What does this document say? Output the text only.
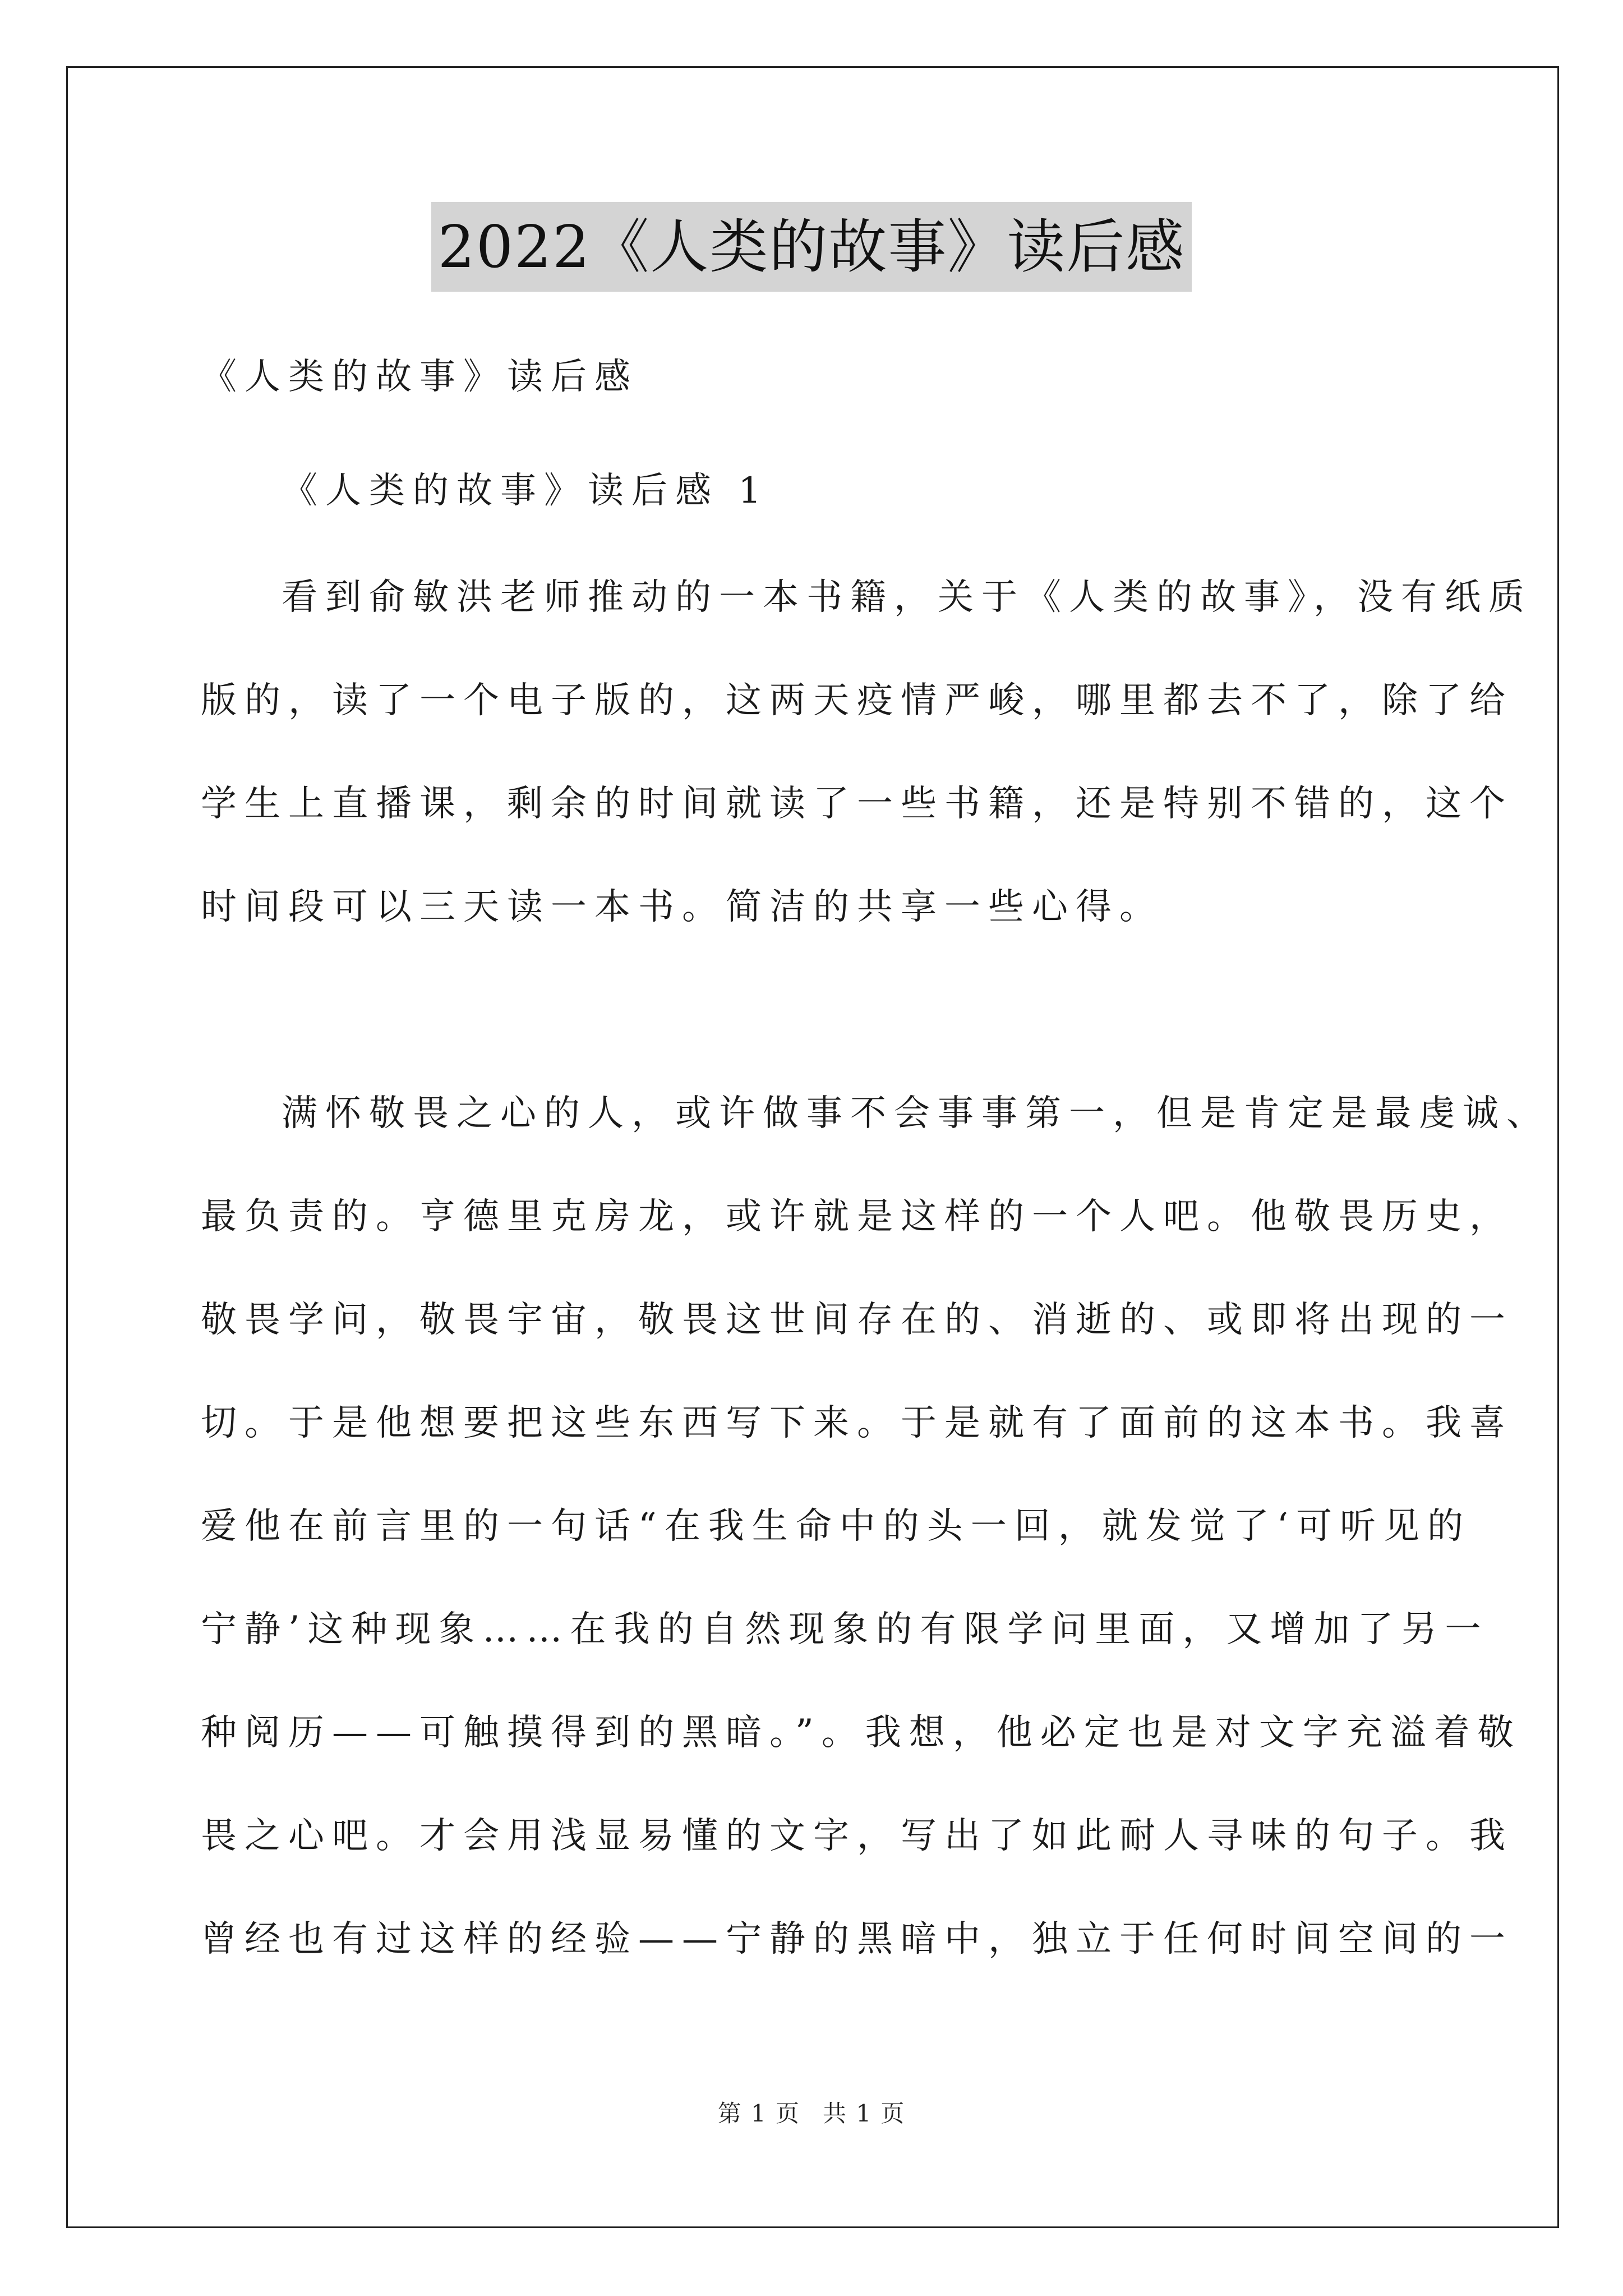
2022《人类的故事》读后感
《人类的故事》读后感
《人类的故事》读后感 1
看到俞敏洪老师推动的一本书籍，关于《人类的故事》，没有纸质
版的，读了一个电子版的，这两天疫情严峻，哪里都去不了，除了给
学生上直播课，剩余的时间就读了一些书籍，还是特别不错的，这个
时间段可以三天读一本书。简洁的共享一些心得。
满怀敬畏之心的人，或许做事不会事事第一，但是肯定是最虔诚、
最负责的。亨德里克房龙，或许就是这样的一个人吧。他敬畏历史，
敬畏学问，敬畏宇宙，敬畏这世间存在的、消逝的、或即将出现的一
切。于是他想要把这些东西写下来。于是就有了面前的这本书。我喜
爱他在前言里的一句话“在我生命中的头一回，就发觉了‘可听见的
宁静’这种现象……在我的自然现象的有限学问里面，又增加了另一
种阅历——可触摸得到的黑暗。”。我想，他必定也是对文字充溢着敬
畏之心吧。才会用浅显易懂的文字，写出了如此耐人寻味的句子。我
曾经也有过这样的经验——宁静的黑暗中，独立于任何时间空间的一
第 1 页 共 1 页
